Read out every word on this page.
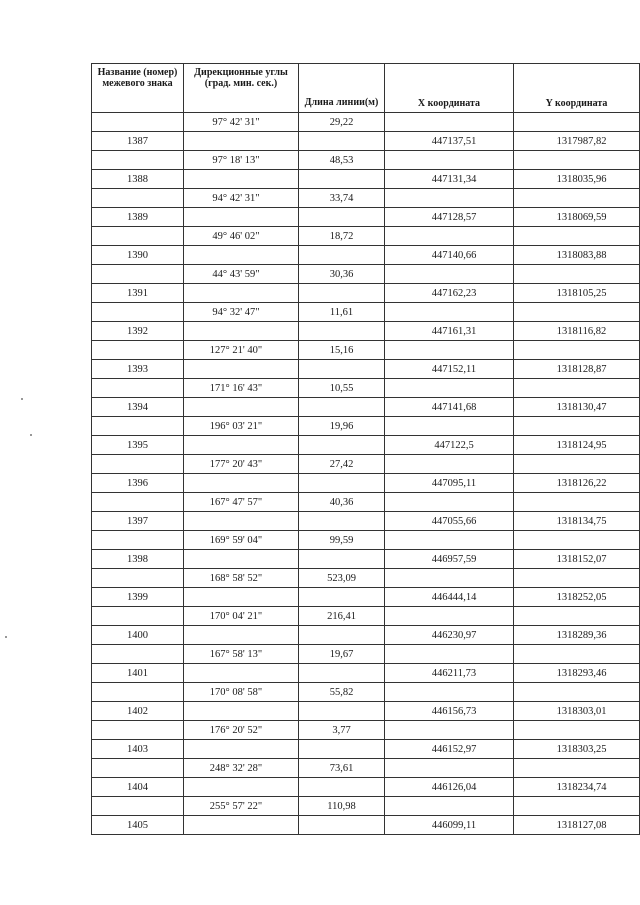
Название (номер) межевого знака	Дирекционные углы (град. мин. сек.)	Длина линии(м)	X координата	Y координата
	97° 42' 31"	29,22		
1387			447137,51	1317987,82
	97° 18' 13"	48,53		
1388			447131,34	1318035,96
	94° 42' 31"	33,74		
1389			447128,57	1318069,59
	49° 46' 02"	18,72		
1390			447140,66	1318083,88
	44° 43' 59"	30,36		
1391			447162,23	1318105,25
	94° 32' 47"	11,61		
1392			447161,31	1318116,82
	127° 21' 40"	15,16		
1393			447152,11	1318128,87
	171° 16' 43"	10,55		
1394			447141,68	1318130,47
	196° 03' 21"	19,96		
1395			447122,5	1318124,95
	177° 20' 43"	27,42		
1396			447095,11	1318126,22
	167° 47' 57"	40,36		
1397			447055,66	1318134,75
	169° 59' 04"	99,59		
1398			446957,59	1318152,07
	168° 58' 52"	523,09		
1399			446444,14	1318252,05
	170° 04' 21"	216,41		
1400			446230,97	1318289,36
	167° 58' 13"	19,67		
1401			446211,73	1318293,46
	170° 08' 58"	55,82		
1402			446156,73	1318303,01
	176° 20' 52"	3,77		
1403			446152,97	1318303,25
	248° 32' 28"	73,61		
1404			446126,04	1318234,74
	255° 57' 22"	110,98		
1405			446099,11	1318127,08
